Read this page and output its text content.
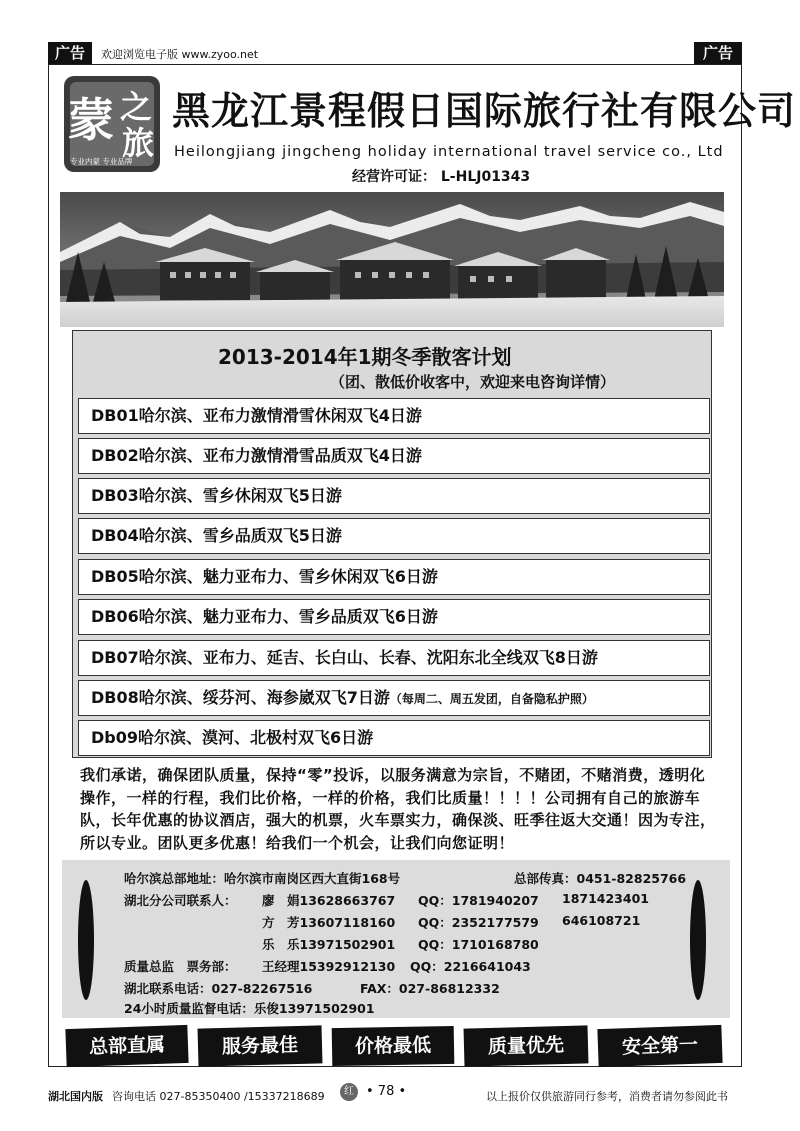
广告	欢迎浏览电子版 www.zyoo.net	广告
蒙 之
旅
专业内蒙 专业品牌
黑龙江景程假日国际旅行社有限公司
Heilongjiang jingcheng holiday international travel service co., Ltd
经营许可证： L-HLJ01343
2013-2014年1期冬季散客计划
（团、散低价收客中，欢迎来电咨询详情）
DB01哈尔滨、亚布力激情滑雪休闲双飞4日游
DB02哈尔滨、亚布力激情滑雪品质双飞4日游
DB03哈尔滨、雪乡休闲双飞5日游
DB04哈尔滨、雪乡品质双飞5日游
DB05哈尔滨、魅力亚布力、雪乡休闲双飞6日游
DB06哈尔滨、魅力亚布力、雪乡品质双飞6日游
DB07哈尔滨、亚布力、延吉、长白山、长春、沈阳东北全线双飞8日游
DB08哈尔滨、绥芬河、海参崴双飞7日游（每周二、周五发团，自备隐私护照）
Db09哈尔滨、漠河、北极村双飞6日游
我们承诺，确保团队质量，保持“零”投诉，以服务满意为宗旨，不赌团，不赌消费，透明化操作，一样的行程，我们比价格，一样的价格，我们比质量！！！！公司拥有自己的旅游车队，长年优惠的协议酒店，强大的机票，火车票实力，确保淡、旺季往返大交通！因为专注，所以专业。团队更多优惠！给我们一个机会，让我们向您证明！
哈尔滨总部地址：哈尔滨市南岗区西大直街168号	总部传真：0451-82825766
湖北分公司联系人： 廖　娟13628663767 QQ：1781940207 1871423401
方　芳13607118160 QQ：2352177579 646108721
乐　乐13971502901 QQ：1710168780
质量总监　票务部： 王经理15392912130 QQ：2216641043
湖北联系电话：027-82267516	FAX：027-86812332
24小时质量监督电话：乐俊13971502901
总部直属	服务最佳	价格最低	质量优先	安全第一
湖北国内版 咨询电话 027-85350400 /15337218689	红 • 78 •	以上报价仅供旅游同行参考，消费者请勿参阅此书
